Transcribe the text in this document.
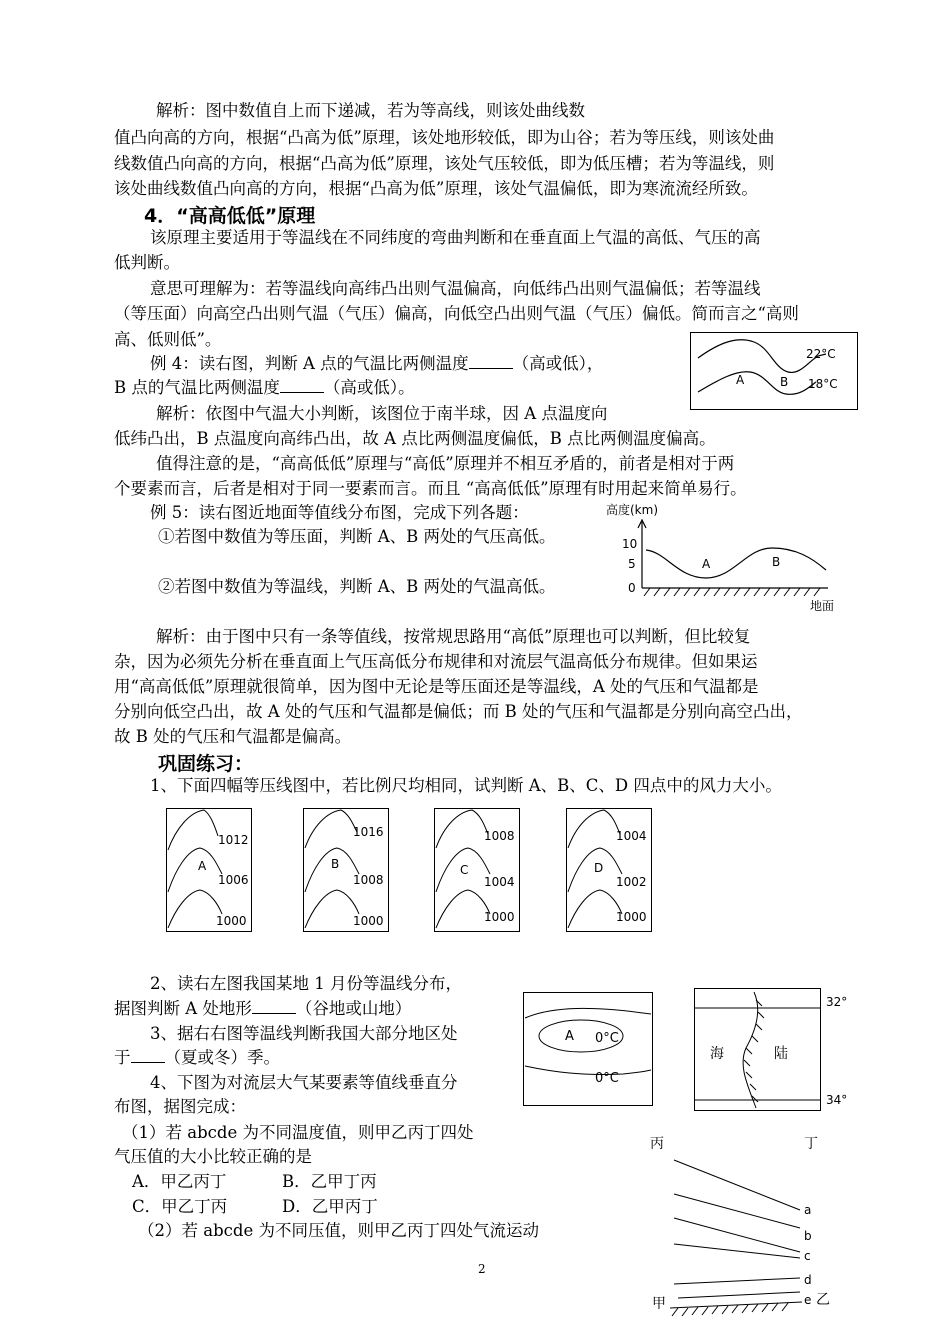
解析：图中数值自上而下递减，若为等高线，则该处曲线数
值凸向高的方向，根据“凸高为低”原理，该处地形较低，即为山谷；若为等压线，则该处曲
线数值凸向高的方向，根据“凸高为低”原理，该处气压较低，即为低压槽；若为等温线，则
该处曲线数值凸向高的方向，根据“凸高为低”原理，该处气温偏低，即为寒流流经所致。
4．“高高低低”原理
该原理主要适用于等温线在不同纬度的弯曲判断和在垂直面上气温的高低、气压的高
低判断。
意思可理解为：若等温线向高纬凸出则气温偏高，向低纬凸出则气温偏低；若等温线
（等压面）向高空凸出则气温（气压）偏高，向低空凸出则气温（气压）偏低。简而言之“高则
高、低则低”。
例 4：读右图，判断 A 点的气温比两侧温度	（高或低），
B 点的气温比两侧温度	（高或低）。
22°C
18°C
A	B
解析：依图中气温大小判断，该图位于南半球，因 A 点温度向
低纬凸出，B 点温度向高纬凸出，故 A 点比两侧温度偏低，B 点比两侧温度偏高。
值得注意的是，“高高低低”原理与“高低”原理并不相互矛盾的，前者是相对于两
个要素而言，后者是相对于同一要素而言。而且 “高高低低”原理有时用起来简单易行。
例 5：读右图近地面等值线分布图，完成下列各题：
①若图中数值为等压面，判断 A、B 两处的气压高低。
②若图中数值为等温线，判断 A、B 两处的气温高低。
高度(km)
10
5
0
A	B
地面
解析：由于图中只有一条等值线，按常规思路用“高低”原理也可以判断，但比较复
杂，因为必须先分析在垂直面上气压高低分布规律和对流层气温高低分布规律。但如果运
用“高高低低”原理就很简单，因为图中无论是等压面还是等温线，A 处的气压和气温都是
分别向低空凸出，故 A 处的气压和气温都是偏低；而 B 处的气压和气温都是分别向高空凸出，
故 B 处的气压和气温都是偏高。
巩固练习：
1、下面四幅等压线图中，若比例尺均相同，试判断 A、B、C、D 四点中的风力大小。
1012
A
1006
1000
1016
B
1008
1000
1008
C
1004
1000
1004
D
1002
1000
2、读右左图我国某地 1 月份等温线分布，
据图判断 A 处地形	（谷地或山地）
3、据右右图等温线判断我国大部分地区处
于 （夏或冬）季。
4、下图为对流层大气某要素等值线垂直分
布图，据图完成：
（1）若 abcde 为不同温度值，则甲乙丙丁四处
气压值的大小比较正确的是
A．甲乙丙丁	B．乙甲丁丙
C．甲乙丁丙	D．乙甲丙丁
（2）若 abcde 为不同压值，则甲乙丙丁四处气流运动
A 0°C
0°C
海	陆
32°
34°
丙	丁
a
b
c
d
e 乙
甲
2
